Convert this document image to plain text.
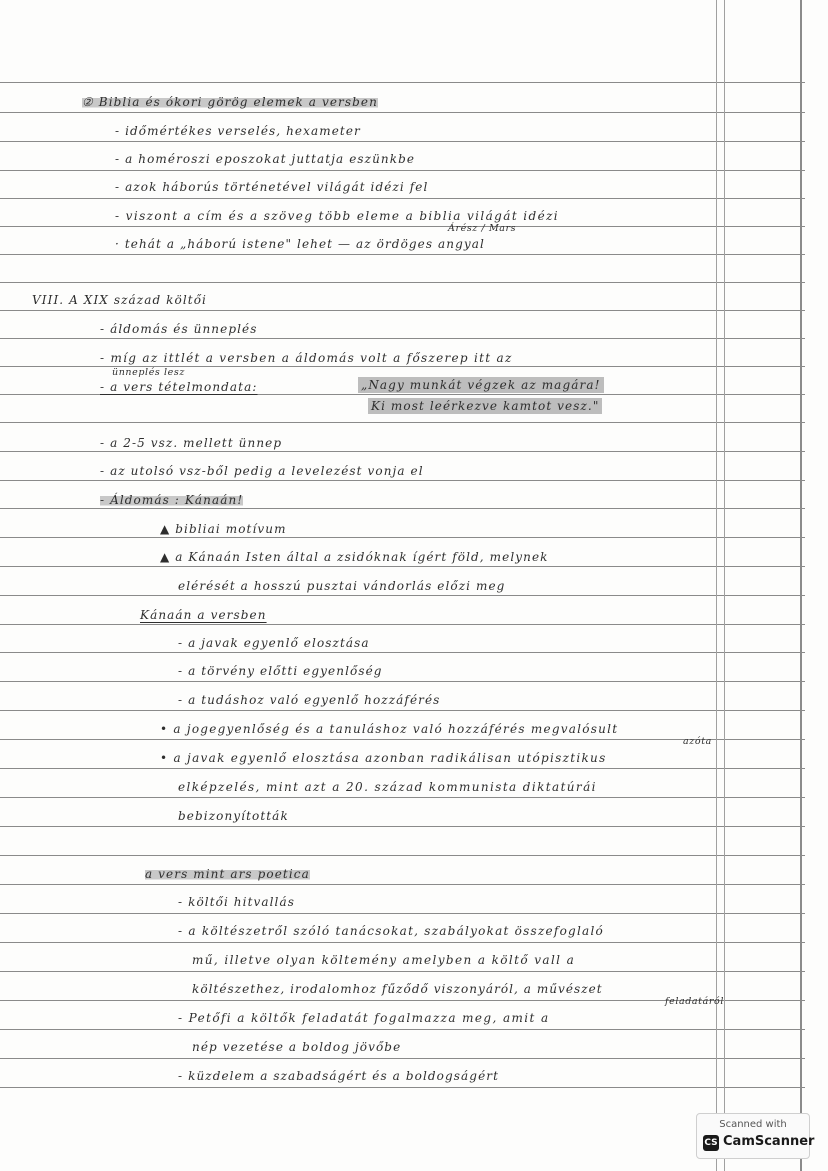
② Biblia és ókori görög elemek a versben
- időmértékes verselés, hexameter
- a homéroszi eposzokat juttatja eszünkbe
- azok háborús történetével világát idézi fel
- viszont a cím és a szöveg több eleme a biblia világát idézi
Árész / Mars
· tehát a „háború istene" lehet — az ördöges angyal
VIII. A XIX század költői
- áldomás és ünneplés
- míg az ittlét a versben a áldomás volt a főszerep itt az
ünneplés lesz
- a vers tételmondata:	„Nagy munkát végzek az magára!
Ki most leérkezve kamtot vesz."
- a 2-5 vsz. mellett ünnep
- az utolsó vsz-ből pedig a levelezést vonja el
- Áldomás : Kánaán!
▲ bibliai motívum
▲ a Kánaán Isten által a zsidóknak ígért föld, melynek
elérését a hosszú pusztai vándorlás előzi meg
Kánaán a versben
- a javak egyenlő elosztása
- a törvény előtti egyenlőség
- a tudáshoz való egyenlő hozzáférés
• a jogegyenlőség és a tanuláshoz való hozzáférés megvalósult
azóta
• a javak egyenlő elosztása azonban radikálisan utópisztikus
elképzelés, mint azt a 20. század kommunista diktatúrái
bebizonyították
a vers mint ars poetica
- költői hitvallás
- a költészetről szóló tanácsokat, szabályokat összefoglaló
mű, illetve olyan költemény amelyben a költő vall a
költészethez, irodalomhoz fűződő viszonyáról, a művészet
feladatáról
- Petőfi a költők feladatát fogalmazza meg, amit a
nép vezetése a boldog jövőbe
- küzdelem a szabadságért és a boldogságért
Scanned with
CS CamScanner
